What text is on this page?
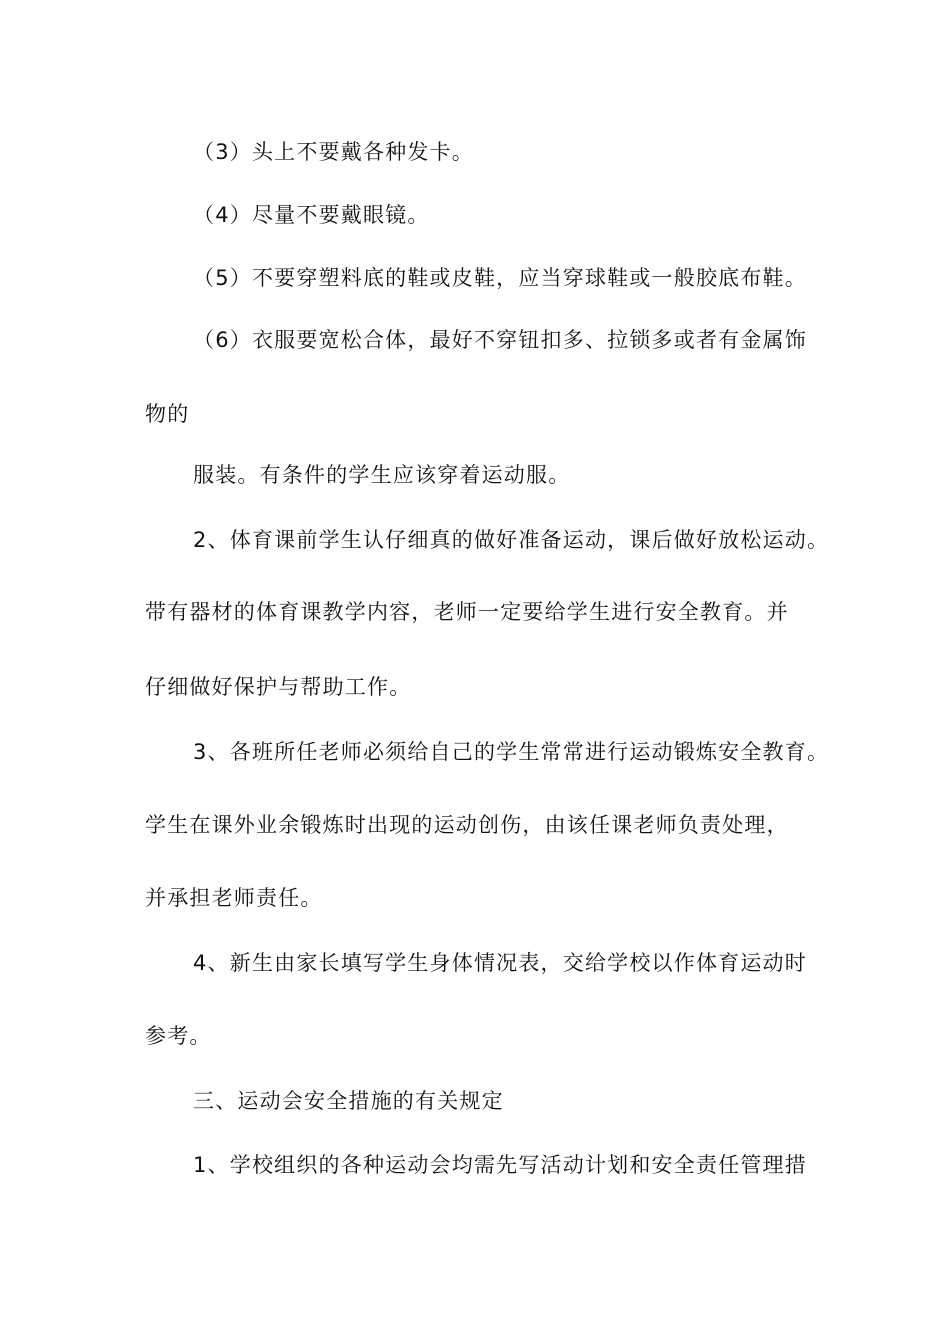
（3）头上不要戴各种发卡。
（4）尽量不要戴眼镜。
（5）不要穿塑料底的鞋或皮鞋，应当穿球鞋或一般胶底布鞋。
（6）衣服要宽松合体，最好不穿钮扣多、拉锁多或者有金属饰
物的
服装。有条件的学生应该穿着运动服。
2、体育课前学生认仔细真的做好准备运动，课后做好放松运动。
带有器材的体育课教学内容，老师一定要给学生进行安全教育。并
仔细做好保护与帮助工作。
3、各班所任老师必须给自己的学生常常进行运动锻炼安全教育。
学生在课外业余锻炼时出现的运动创伤，由该任课老师负责处理，
并承担老师责任。
4、新生由家长填写学生身体情况表，交给学校以作体育运动时
参考。
三、运动会安全措施的有关规定
1、学校组织的各种运动会均需先写活动计划和安全责任管理措
